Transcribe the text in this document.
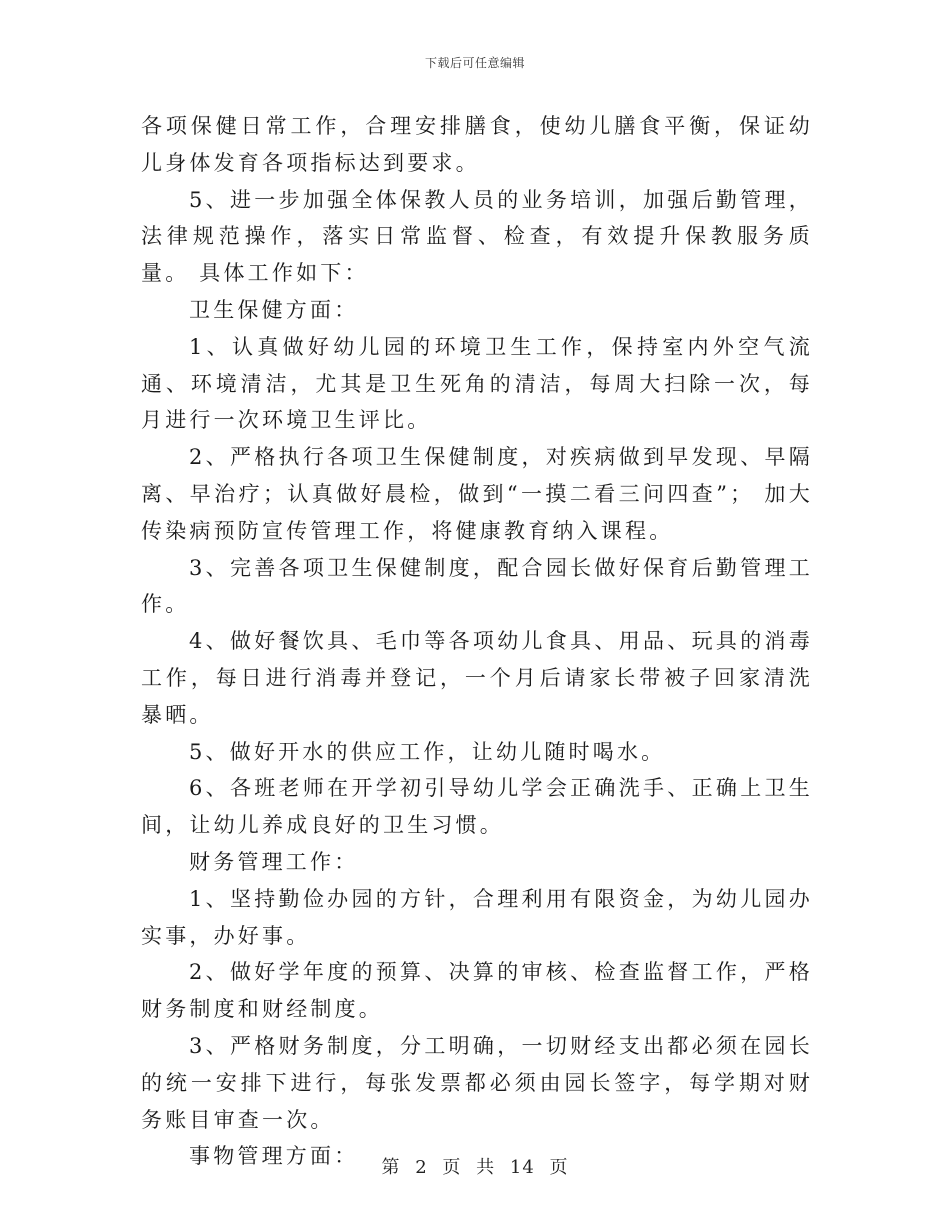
下载后可任意编辑

各项保健日常工作，合理安排膳食，使幼儿膳食平衡，保证幼儿身体发育各项指标达到要求。

5、进一步加强全体保教人员的业务培训，加强后勤管理，法律规范操作，落实日常监督、检查，有效提升保教服务质量。 具体工作如下：

卫生保健方面：

1、认真做好幼儿园的环境卫生工作，保持室内外空气流通、环境清洁，尤其是卫生死角的清洁，每周大扫除一次，每月进行一次环境卫生评比。

2、严格执行各项卫生保健制度，对疾病做到早发现、早隔离、早治疗；认真做好晨检，做到“一摸二看三问四查”； 加大传染病预防宣传管理工作，将健康教育纳入课程。

3、完善各项卫生保健制度，配合园长做好保育后勤管理工作。

4、做好餐饮具、毛巾等各项幼儿食具、用品、玩具的消毒工作，每日进行消毒并登记，一个月后请家长带被子回家清洗暴晒。

5、做好开水的供应工作，让幼儿随时喝水。

6、各班老师在开学初引导幼儿学会正确洗手、正确上卫生间，让幼儿养成良好的卫生习惯。

财务管理工作：

1、坚持勤俭办园的方针，合理利用有限资金，为幼儿园办实事，办好事。

2、做好学年度的预算、决算的审核、检查监督工作，严格财务制度和财经制度。

3、严格财务制度，分工明确，一切财经支出都必须在园长的统一安排下进行，每张发票都必须由园长签字，每学期对财务账目审查一次。

事物管理方面：	第 2 页 共 14 页
